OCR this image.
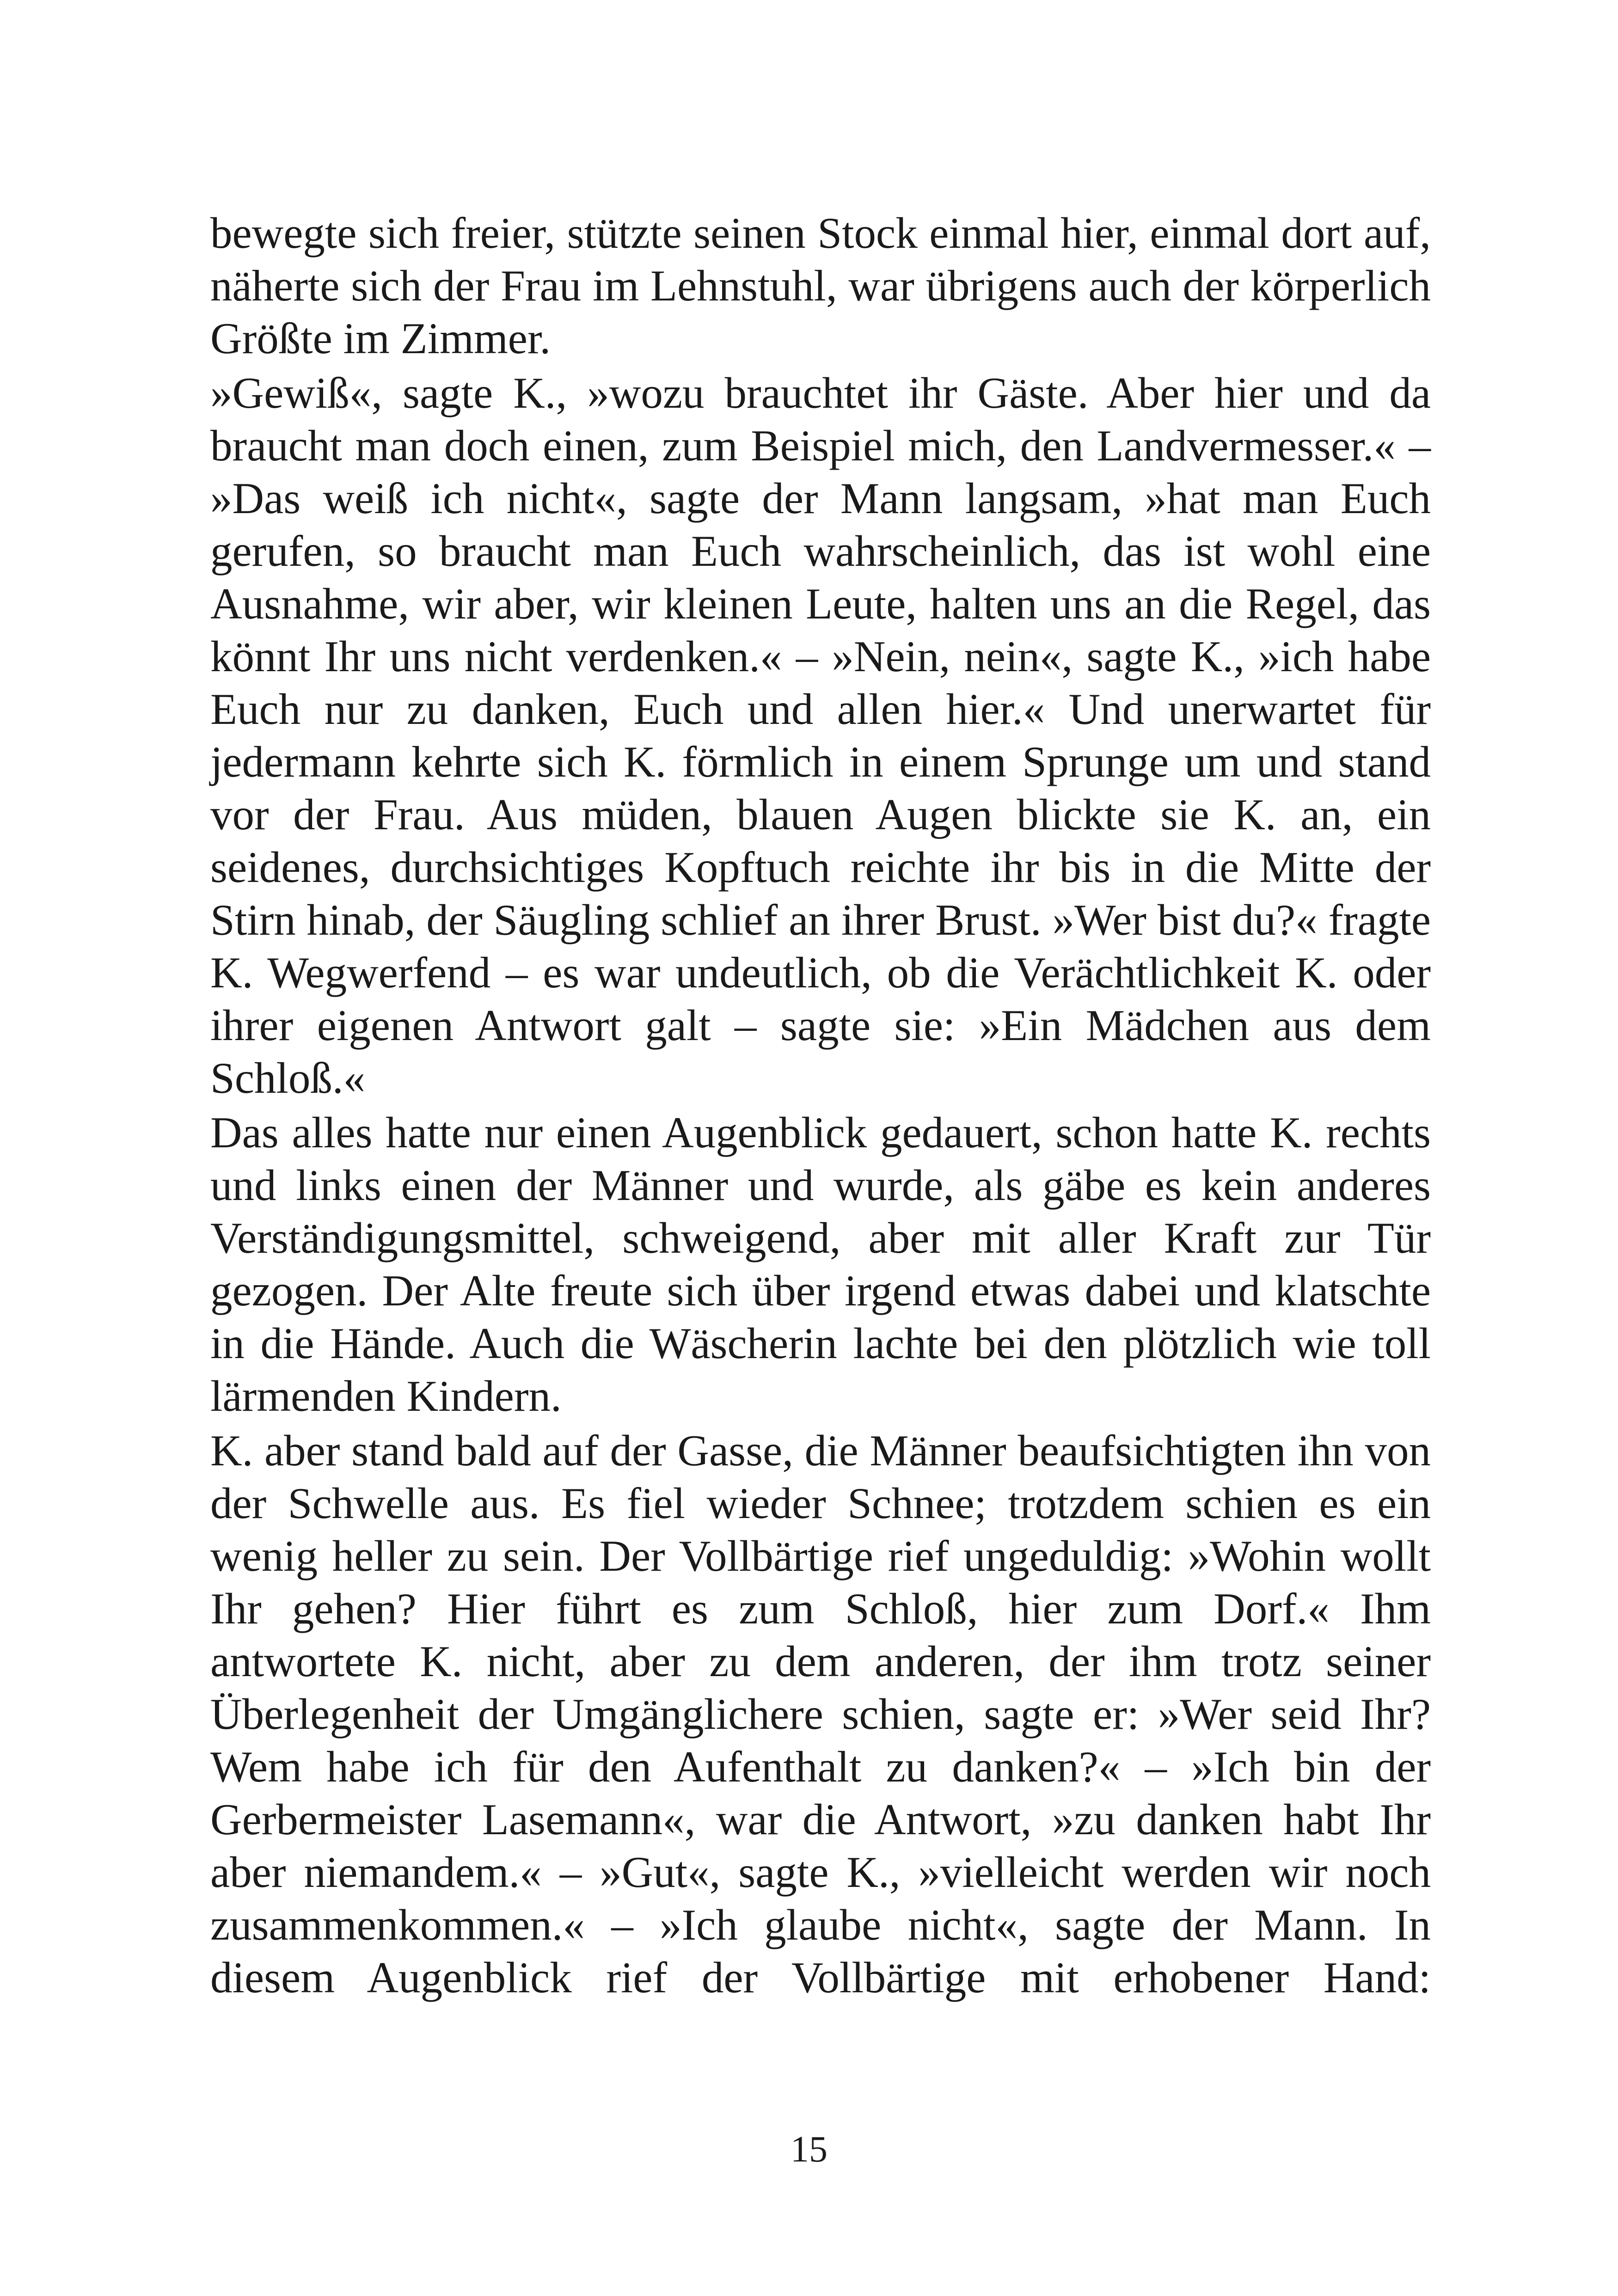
bewegte sich freier, stützte seinen Stock einmal hier, einmal dort auf, näherte sich der Frau im Lehnstuhl, war übrigens auch der körperlich Größte im Zimmer.

»Gewiß«, sagte K., »wozu brauchtet ihr Gäste. Aber hier und da braucht man doch einen, zum Beispiel mich, den Landvermesser.« – »Das weiß ich nicht«, sagte der Mann langsam, »hat man Euch gerufen, so braucht man Euch wahrscheinlich, das ist wohl eine Ausnahme, wir aber, wir kleinen Leute, halten uns an die Regel, das könnt Ihr uns nicht verdenken.« – »Nein, nein«, sagte K., »ich habe Euch nur zu danken, Euch und allen hier.« Und unerwartet für jedermann kehrte sich K. förmlich in einem Sprunge um und stand vor der Frau. Aus müden, blauen Augen blickte sie K. an, ein seidenes, durchsichtiges Kopftuch reichte ihr bis in die Mitte der Stirn hinab, der Säugling schlief an ihrer Brust. »Wer bist du?« fragte K. Wegwerfend – es war undeutlich, ob die Verächtlichkeit K. oder ihrer eigenen Antwort galt – sagte sie: »Ein Mädchen aus dem Schloß.«

Das alles hatte nur einen Augenblick gedauert, schon hatte K. rechts und links einen der Männer und wurde, als gäbe es kein anderes Verständigungsmittel, schweigend, aber mit aller Kraft zur Tür gezogen. Der Alte freute sich über irgend etwas dabei und klatschte in die Hände. Auch die Wäscherin lachte bei den plötzlich wie toll lärmenden Kindern.

K. aber stand bald auf der Gasse, die Männer beaufsichtigten ihn von der Schwelle aus. Es fiel wieder Schnee; trotzdem schien es ein wenig heller zu sein. Der Vollbärtige rief ungeduldig: »Wohin wollt Ihr gehen? Hier führt es zum Schloß, hier zum Dorf.« Ihm antwortete K. nicht, aber zu dem anderen, der ihm trotz seiner Überlegenheit der Umgänglichere schien, sagte er: »Wer seid Ihr? Wem habe ich für den Aufenthalt zu danken?« – »Ich bin der Gerbermeister Lasemann«, war die Antwort, »zu danken habt Ihr aber niemandem.« – »Gut«, sagte K., »vielleicht werden wir noch zusammenkommen.« – »Ich glaube nicht«, sagte der Mann. In diesem Augenblick rief der Vollbärtige mit erhobener Hand:

15
